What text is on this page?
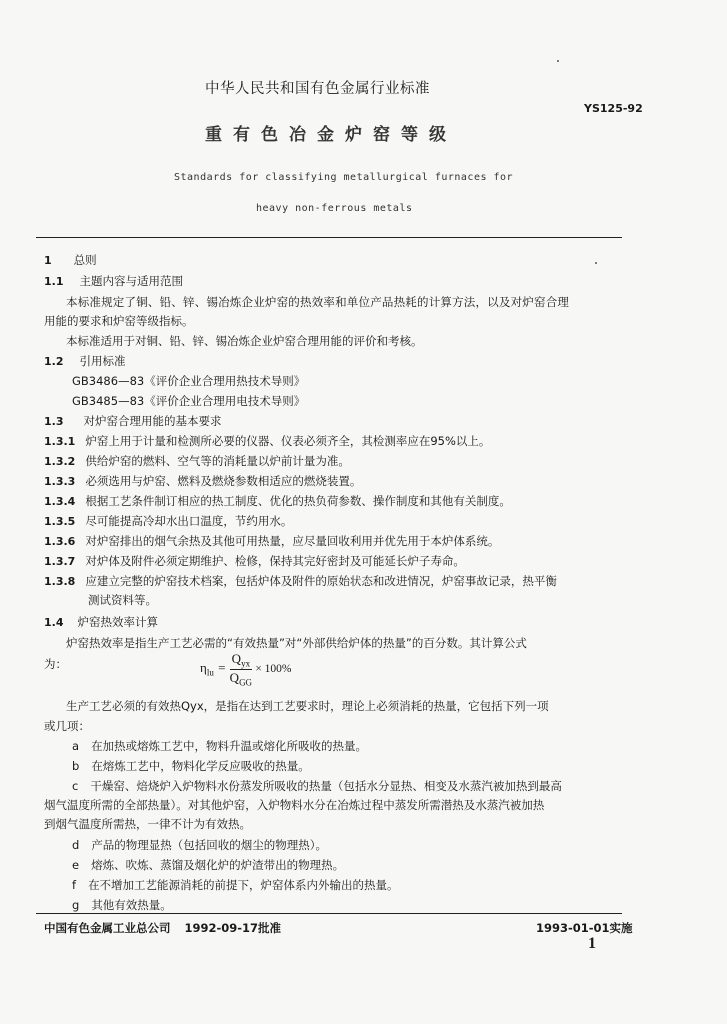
中华人民共和国有色金属行业标准
YS125-92
重有色冶金炉窑等级
Standards for classifying metallurgical furnaces for
heavy non-ferrous metals
1 总则
1.1 主题内容与适用范围
本标准规定了铜、铅、锌、锡冶炼企业炉窑的热效率和单位产品热耗的计算方法，以及对炉窑合理
用能的要求和炉窑等级指标。
本标准适用于对铜、铅、锌、锡冶炼企业炉窑合理用能的评价和考核。
1.2 引用标准
GB3486—83《评价企业合理用热技术导则》
GB3485—83《评价企业合理用电技术导则》
1.3 对炉窑合理用能的基本要求
1.3.1 炉窑上用于计量和检测所必要的仪器、仪表必须齐全，其检测率应在95%以上。
1.3.2 供给炉窑的燃料、空气等的消耗量以炉前计量为准。
1.3.3 必须选用与炉窑、燃料及燃烧参数相适应的燃烧装置。
1.3.4 根据工艺条件制订相应的热工制度、优化的热负荷参数、操作制度和其他有关制度。
1.3.5 尽可能提高冷却水出口温度，节约用水。
1.3.6 对炉窑排出的烟气余热及其他可用热量，应尽量回收利用并优先用于本炉体系统。
1.3.7 对炉体及附件必须定期维护、检修，保持其完好密封及可能延长炉子寿命。
1.3.8 应建立完整的炉窑技术档案，包括炉体及附件的原始状态和改进情况，炉窑事故记录，热平衡
测试资料等。
1.4 炉窑热效率计算
炉窑热效率是指生产工艺必需的“有效热量”对“外部供给炉体的热量”的百分数。其计算公式
为：	$\eta_{lu} = \frac{Q_{yx}}{Q_{GG}} \times 100\%$
生产工艺必须的有效热Qyx，是指在达到工艺要求时，理论上必须消耗的热量，它包括下列一项
或几项：
a 在加热或熔炼工艺中，物料升温或熔化所吸收的热量。
b 在熔炼工艺中，物料化学反应吸收的热量。
c 干燥窑、焙烧炉入炉物料水份蒸发所吸收的热量（包括水分显热、相变及水蒸汽被加热到最高
烟气温度所需的全部热量）。对其他炉窑，入炉物料水分在冶炼过程中蒸发所需潜热及水蒸汽被加热
到烟气温度所需热，一律不计为有效热。
d 产品的物理显热（包括回收的烟尘的物理热）。
e 熔炼、吹炼、蒸馏及烟化炉的炉渣带出的物理热。
f 在不增加工艺能源消耗的前提下，炉窑体系内外输出的热量。
g 其他有效热量。
中国有色金属工业总公司 1992-09-17批准	1993-01-01实施
1
